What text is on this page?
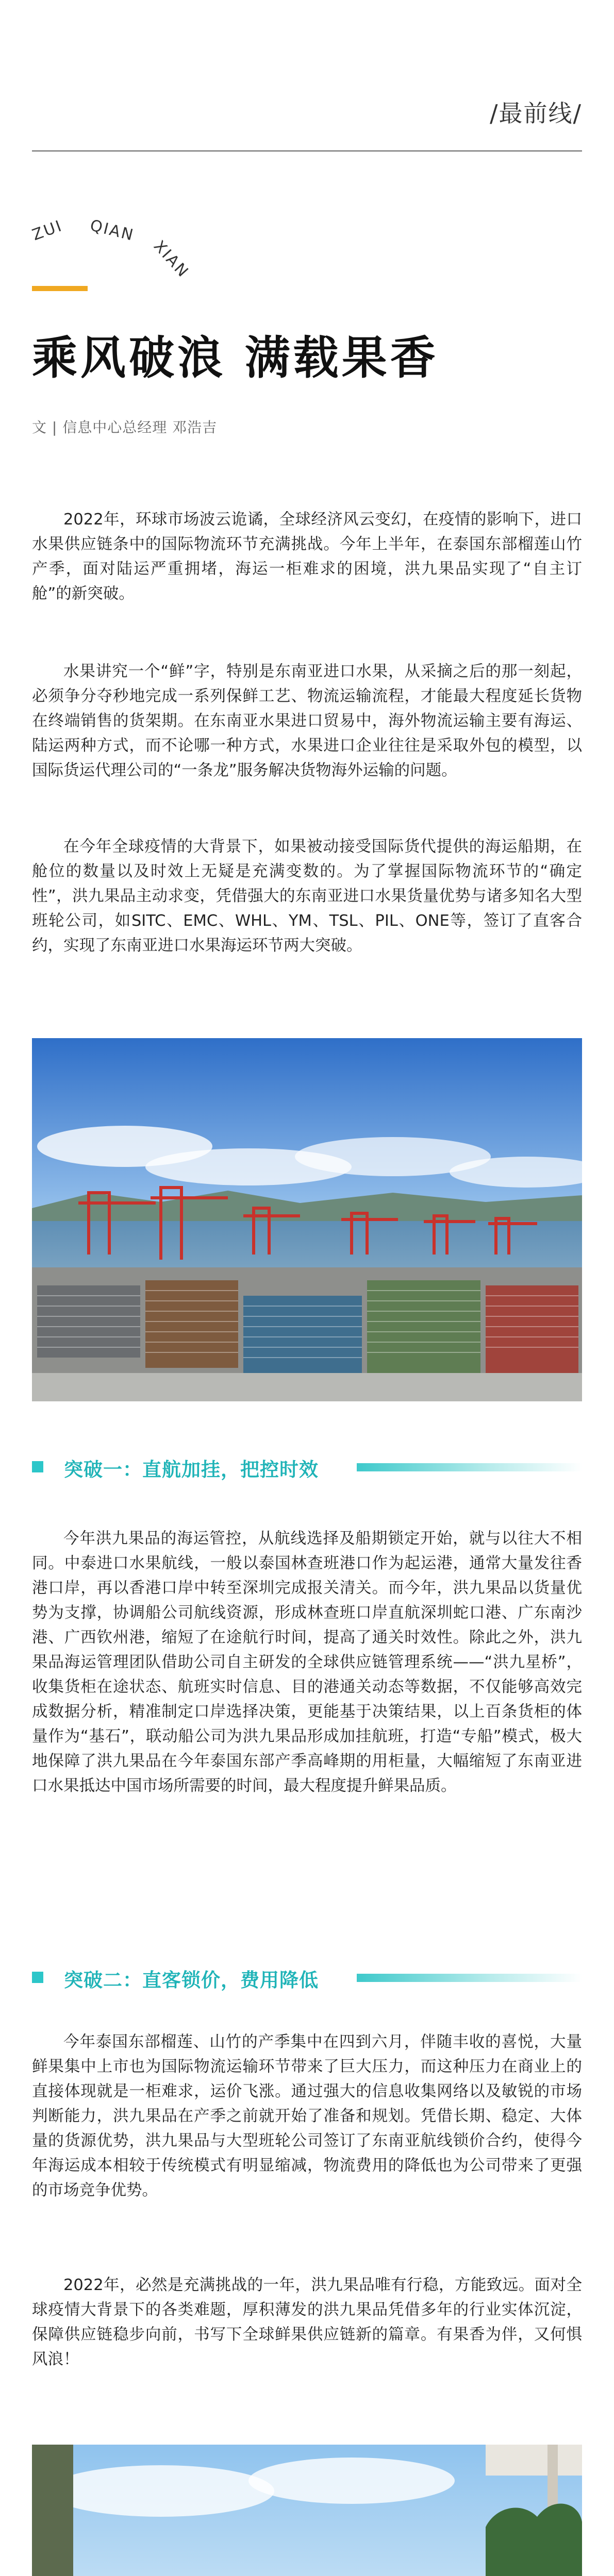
/最前线/
ZUI QIAN
XIAN
乘风破浪 满载果香
文 | 信息中心总经理 邓浩吉

2022年，环球市场波云诡谲，全球经济风云变幻，在疫情的影响下，进口水果供应链条中的国际物流环节充满挑战。今年上半年，在泰国东部榴莲山竹产季，面对陆运严重拥堵，海运一柜难求的困境，洪九果品实现了“自主订舱”的新突破。

水果讲究一个“鲜”字，特别是东南亚进口水果，从采摘之后的那一刻起，必须争分夺秒地完成一系列保鲜工艺、物流运输流程，才能最大程度延长货物在终端销售的货架期。在东南亚水果进口贸易中，海外物流运输主要有海运、陆运两种方式，而不论哪一种方式，水果进口企业往往是采取外包的模型，以国际货运代理公司的“一条龙”服务解决货物海外运输的问题。

在今年全球疫情的大背景下，如果被动接受国际货代提供的海运船期，在舱位的数量以及时效上无疑是充满变数的。为了掌握国际物流环节的“确定性”，洪九果品主动求变，凭借强大的东南亚进口水果货量优势与诸多知名大型班轮公司，如SITC、EMC、WHL、YM、TSL、PIL、ONE等，签订了直客合约，实现了东南亚进口水果海运环节两大突破。

突破一：直航加挂，把控时效

今年洪九果品的海运管控，从航线选择及船期锁定开始，就与以往大不相同。中泰进口水果航线，一般以泰国林查班港口作为起运港，通常大量发往香港口岸，再以香港口岸中转至深圳完成报关清关。而今年，洪九果品以货量优势为支撑，协调船公司航线资源，形成林查班口岸直航深圳蛇口港、广东南沙港、广西钦州港，缩短了在途航行时间，提高了通关时效性。除此之外，洪九果品海运管理团队借助公司自主研发的全球供应链管理系统——“洪九星桥”，收集货柜在途状态、航班实时信息、目的港通关动态等数据，不仅能够高效完成数据分析，精准制定口岸选择决策，更能基于决策结果，以上百条货柜的体量作为“基石”，联动船公司为洪九果品形成加挂航班，打造“专船”模式，极大地保障了洪九果品在今年泰国东部产季高峰期的用柜量，大幅缩短了东南亚进口水果抵达中国市场所需要的时间，最大程度提升鲜果品质。

突破二：直客锁价，费用降低

今年泰国东部榴莲、山竹的产季集中在四到六月，伴随丰收的喜悦，大量鲜果集中上市也为国际物流运输环节带来了巨大压力，而这种压力在商业上的直接体现就是一柜难求，运价飞涨。通过强大的信息收集网络以及敏锐的市场判断能力，洪九果品在产季之前就开始了准备和规划。凭借长期、稳定、大体量的货源优势，洪九果品与大型班轮公司签订了东南亚航线锁价合约，使得今年海运成本相较于传统模式有明显缩减，物流费用的降低也为公司带来了更强的市场竞争优势。

2022年，必然是充满挑战的一年，洪九果品唯有行稳，方能致远。面对全球疫情大背景下的各类难题，厚积薄发的洪九果品凭借多年的行业实体沉淀，保障供应链稳步向前，书写下全球鲜果供应链新的篇章。有果香为伴，又何惧风浪！
